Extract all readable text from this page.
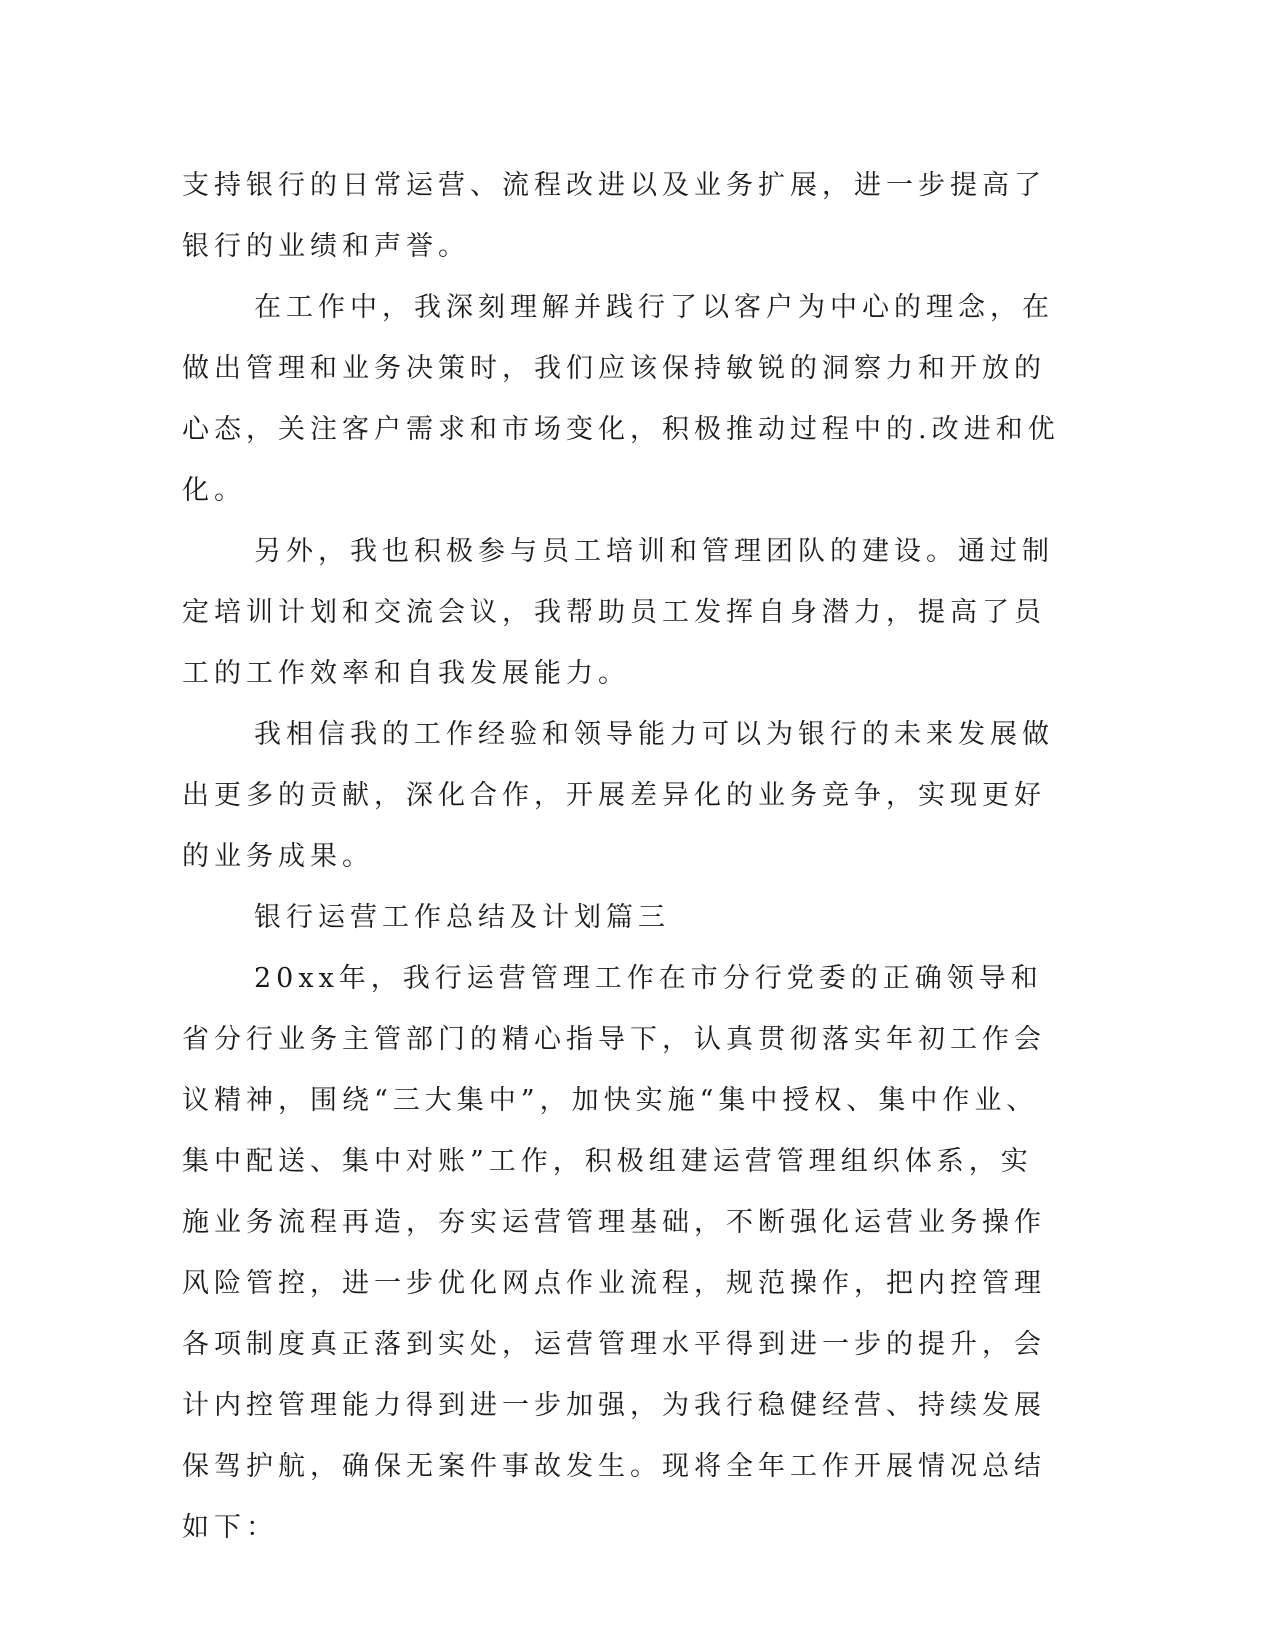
支持银行的日常运营、流程改进以及业务扩展，进一步提高了银行的业绩和声誉。

在工作中，我深刻理解并践行了以客户为中心的理念，在做出管理和业务决策时，我们应该保持敏锐的洞察力和开放的心态，关注客户需求和市场变化，积极推动过程中的.改进和优化。

另外，我也积极参与员工培训和管理团队的建设。通过制定培训计划和交流会议，我帮助员工发挥自身潜力，提高了员工的工作效率和自我发展能力。

我相信我的工作经验和领导能力可以为银行的未来发展做出更多的贡献，深化合作，开展差异化的业务竞争，实现更好的业务成果。

银行运营工作总结及计划篇三

20xx年，我行运营管理工作在市分行党委的正确领导和省分行业务主管部门的精心指导下，认真贯彻落实年初工作会议精神，围绕“三大集中”，加快实施“集中授权、集中作业、集中配送、集中对账”工作，积极组建运营管理组织体系，实施业务流程再造，夯实运营管理基础，不断强化运营业务操作风险管控，进一步优化网点作业流程，规范操作，把内控管理各项制度真正落到实处，运营管理水平得到进一步的提升，会计内控管理能力得到进一步加强，为我行稳健经营、持续发展保驾护航，确保无案件事故发生。现将全年工作开展情况总结如下：
